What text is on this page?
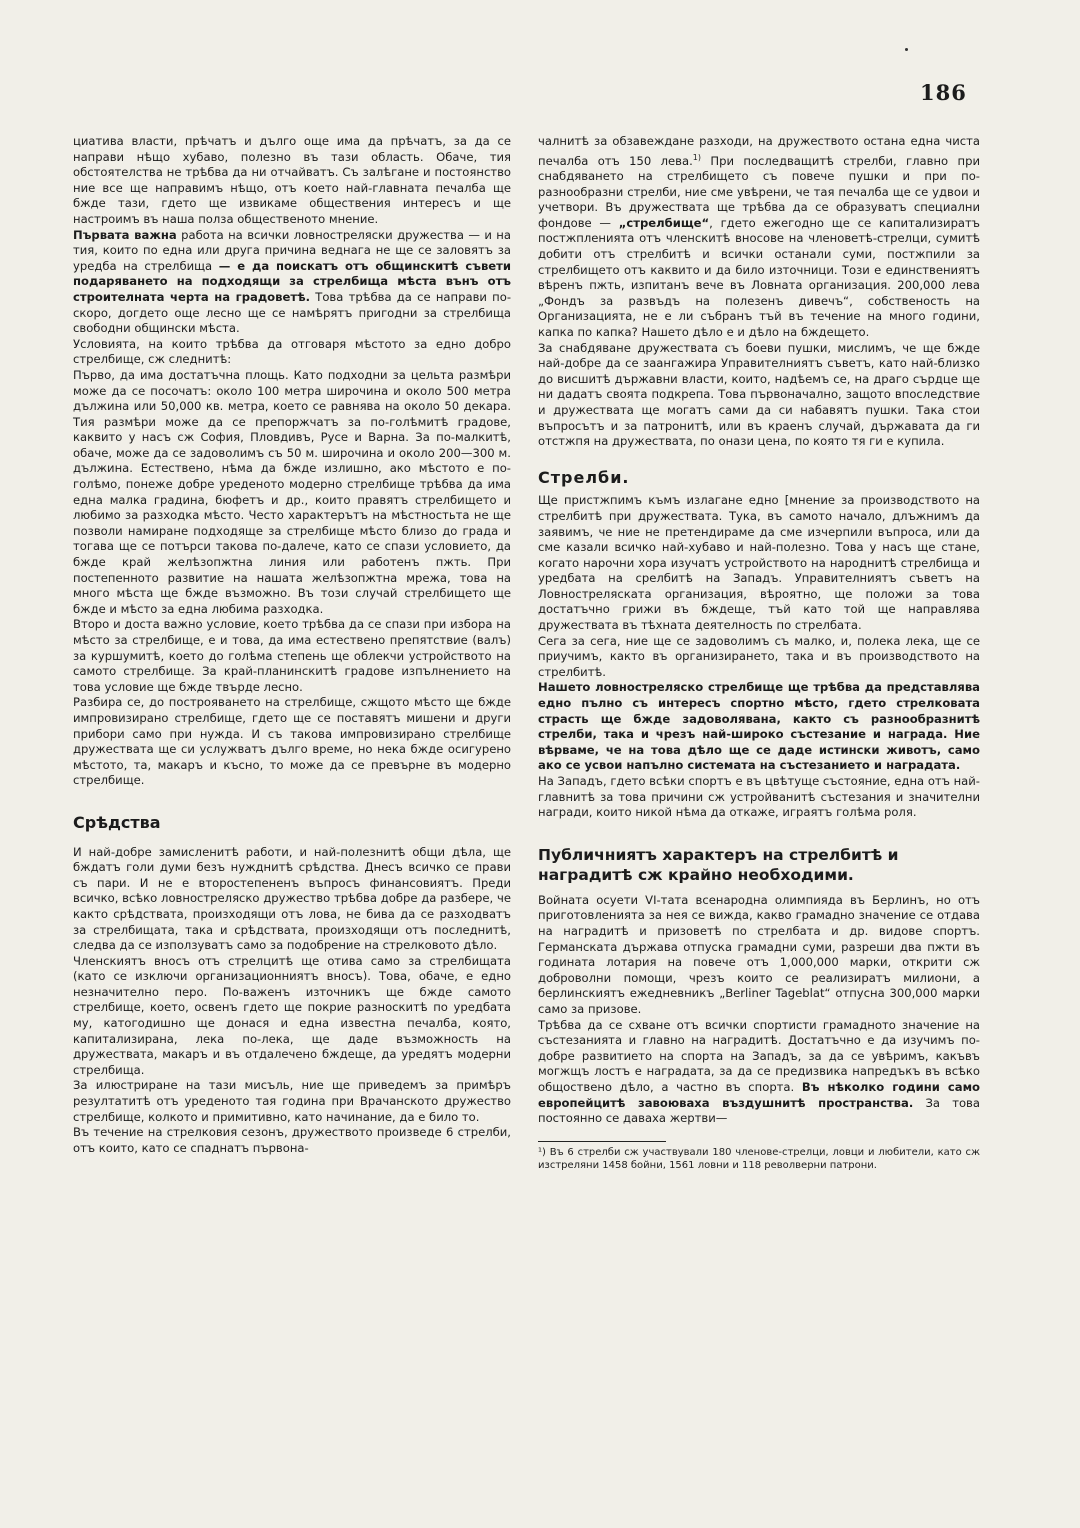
186

циатива власти, прѣчатъ и дълго още има да прѣчатъ, за да се направи нѣщо хубаво, полезно въ тази область. Обаче, тия обстоятелства не трѣбва да ни отчайватъ. Съ залѣгане и постоянство ние все ще направимъ нѣщо, отъ което най-главната печалба ще бжде тази, гдето ще извикаме обществения интересъ и ще настроимъ въ наша полза общественото мнение.

Първата важна работа на всички ловностреляски дружества — и на тия, които по една или друга причина веднага не ще се заловятъ за уредба на стрелбища — е да поискатъ отъ общинскитѣ съвети подаряването на подходящи за стрелбища мѣста вънъ отъ строителната черта на градоветѣ. Това трѣбва да се направи по-скоро, догдето още лесно ще се намѣрятъ пригодни за стрелбища свободни общински мѣста.

Условията, на които трѣбва да отговаря мѣстото за едно добро стрелбище, сж следнитѣ:

Първо, да има достатъчна площь. Като подходни за цельта размѣри може да се посочатъ: около 100 метра широчина и около 500 метра дължина или 50,000 кв. метра, което се равнява на около 50 декара. Тия размѣри може да се препоржчатъ за по-голѣмитѣ градове, каквито у насъ сж София, Пловдивъ, Русе и Варна. За по-малкитѣ, обаче, може да се задоволимъ съ 50 м. широчина и около 200—300 м. дължина. Естествено, нѣма да бжде излишно, ако мѣстото е по-голѣмо, понеже добре уреденото модерно стрелбище трѣбва да има една малка градина, бюфетъ и др., които правятъ стрелбището и любимо за разходка мѣсто. Често характерътъ на мѣстностьта не ще позволи намиране подходяще за стрелбище мѣсто близо до града и тогава ще се потърси такова по-далече, като се спази условието, да бжде край желѣзопжтна линия или работенъ пжть. При постепенното развитие на нашата желѣзопжтна мрежа, това на много мѣста ще бжде възможно. Въ този случай стрелбището ще бжде и мѣсто за една любима разходка.

Второ и доста важно условие, което трѣбва да се спази при избора на мѣсто за стрелбище, е и това, да има естествено препятствие (валъ) за куршумитѣ, което до голѣма степень ще облекчи устройството на самото стрелбище. За край-планинскитѣ градове изпълнението на това условие ще бжде твърде лесно.

Разбира се, до построяването на стрелбище, сжщото мѣсто ще бжде импровизирано стрелбище, гдето ще се поставятъ мишени и други прибори само при нужда. И съ такова импровизирано стрелбище дружествата ще си услужватъ дълго време, но нека бжде осигурено мѣстото, та, макаръ и късно, то може да се превърне въ модерно стрелбище.

Срѣдства

И най-добре замисленитѣ работи, и най-полезнитѣ общи дѣла, ще бждатъ голи думи безъ нужднитѣ срѣдства. Днесъ всичко се прави съ пари. И не е второстепененъ въпросъ финансовиятъ. Преди всичко, всѣко ловностреляско дружество трѣбва добре да разбере, че както срѣдствата, произходящи отъ лова, не бива да се разходватъ за стрелбищата, така и срѣдствата, произходящи отъ последнитѣ, следва да се използуватъ само за подобрение на стрелковото дѣло.

Членскиятъ вносъ отъ стрелцитѣ ще отива само за стрелбищата (като се изключи организационниятъ вносъ). Това, обаче, е едно незначително перо. По-важенъ източникъ ще бжде самото стрелбище, което, освенъ гдето ще покрие разноскитѣ по уредбата му, катогодишно ще донася и една известна печалба, която, капитализирана, лека по-лека, ще даде възможность на дружествата, макаръ и въ отдалечено бждеще, да уредятъ модерни стрелбища.

За илюстриране на тази мисъль, ние ще приведемъ за примѣръ резултатитѣ отъ уреденото тая година при Врачанското дружество стрелбище, колкото и примитивно, като начинание, да е било то.

Въ течение на стрелковия сезонъ, дружеството произведе 6 стрелби, отъ които, като се спаднатъ първона-

чалнитѣ за обзавеждане разходи, на дружеството остана една чиста печалба отъ 150 лева.$^{1)}$ При последващитѣ стрелби, главно при снабдяването на стрелбището съ повече пушки и при по-разнообразни стрелби, ние сме увѣрени, че тая печалба ще се удвои и учетвори. Въ дружествата ще трѣбва да се образуватъ специални фондове — „стрелбище“, гдето ежегодно ще се капитализиратъ постжпленията отъ членскитѣ вносове на членоветѣ-стрелци, сумитѣ добити отъ стрелбитѣ и всички останали суми, постжпили за стрелбището отъ каквито и да било източници. Този е единствениятъ вѣренъ пжть, изпитанъ вече въ Ловната организация. 200,000 лева „Фондъ за развъдъ на полезенъ дивечъ“, собственость на Организацията, не е ли събранъ тъй въ течение на много години, капка по капка? Нашето дѣло е и дѣло на бждещето.

За снабдяване дружествата съ боеви пушки, мислимъ, че ще бжде най-добре да се заангажира Управителниятъ съветъ, като най-близко до висшитѣ държавни власти, които, надѣемъ се, на драго сърдце ще ни дадатъ своята подкрепа. Това първоначално, защото впоследствие и дружествата ще могатъ сами да си набавятъ пушки. Така стои въпросътъ и за патронитѣ, или въ краенъ случай, държавата да ги отстжпя на дружествата, по онази цена, по която тя ги е купила.

Стрелби.

Ще пристжпимъ къмъ излагане едно [мнение за производството на стрелбитѣ при дружествата. Тука, въ самото начало, длъжнимъ да заявимъ, че ние не претендираме да сме изчерпили въпроса, или да сме казали всичко най-хубаво и най-полезно. Това у насъ ще стане, когато нарочни хора изучатъ устройството на народнитѣ стрелбища и уредбата на срелбитѣ на Западъ. Управителниятъ съветъ на Ловностреляската организация, вѣроятно, ще положи за това достатъчно грижи въ бждеще, тъй като той ще направлява дружествата въ тѣхната деятелность по стрелбата.

Сега за сега, ние ще се задоволимъ съ малко, и, полека лека, ще се приучимъ, както въ организирането, така и въ производството на стрелбитѣ.

Нашето ловностреляско стрелбище ще трѣбва да представлява едно пълно съ интересъ спортно мѣсто, гдето стрелковата страсть ще бжде задоволявана, както съ разнообразнитѣ стрелби, така и чрезъ най-широко състезание и награда. Ние вѣрваме, че на това дѣло ще се даде истински животъ, само ако се усвои напълно системата на състезанието и наградата.

На Западъ, гдето всѣки спортъ е въ цвѣтуще състояние, една отъ най-главнитѣ за това причини сж устройванитѣ състезания и значителни награди, които никой нѣма да откаже, играятъ голѣма роля.

Публичниятъ характеръ на стрелбитѣ и наградитѣ сж крайно необходими.

Войната осуети VI-тата всенародна олимпияда въ Берлинъ, но отъ приготовленията за нея се вижда, какво грамадно значение се отдава на наградитѣ и призоветѣ по стрелбата и др. видове спортъ. Германската държава отпуска грамадни суми, разреши два пжти въ годината лотария на повече отъ 1,000,000 марки, открити сж доброволни помощи, чрезъ които се реализиратъ милиони, а берлинскиятъ ежедневникъ „Berliner Tageblat“ отпусна 300,000 марки само за призове.

Трѣбва да се схване отъ всички спортисти грамадното значение на състезанията и главно на наградитѣ. Достатъчно е да изучимъ по-добре развитието на спорта на Западъ, за да се увѣримъ, какъвъ могжщъ лостъ е наградата, за да се предизвика напредъкъ въ всѣко общоствено дѣло, а частно въ спорта. Въ нѣколко години само европейцитѣ завоюваха въздушнитѣ пространства. За това постоянно се даваха жертви—

¹) Въ 6 стрелби сж участвували 180 членове-стрелци, ловци и любители, като сж изстреляни 1458 бойни, 1561 ловни и 118 револверни патрони.
